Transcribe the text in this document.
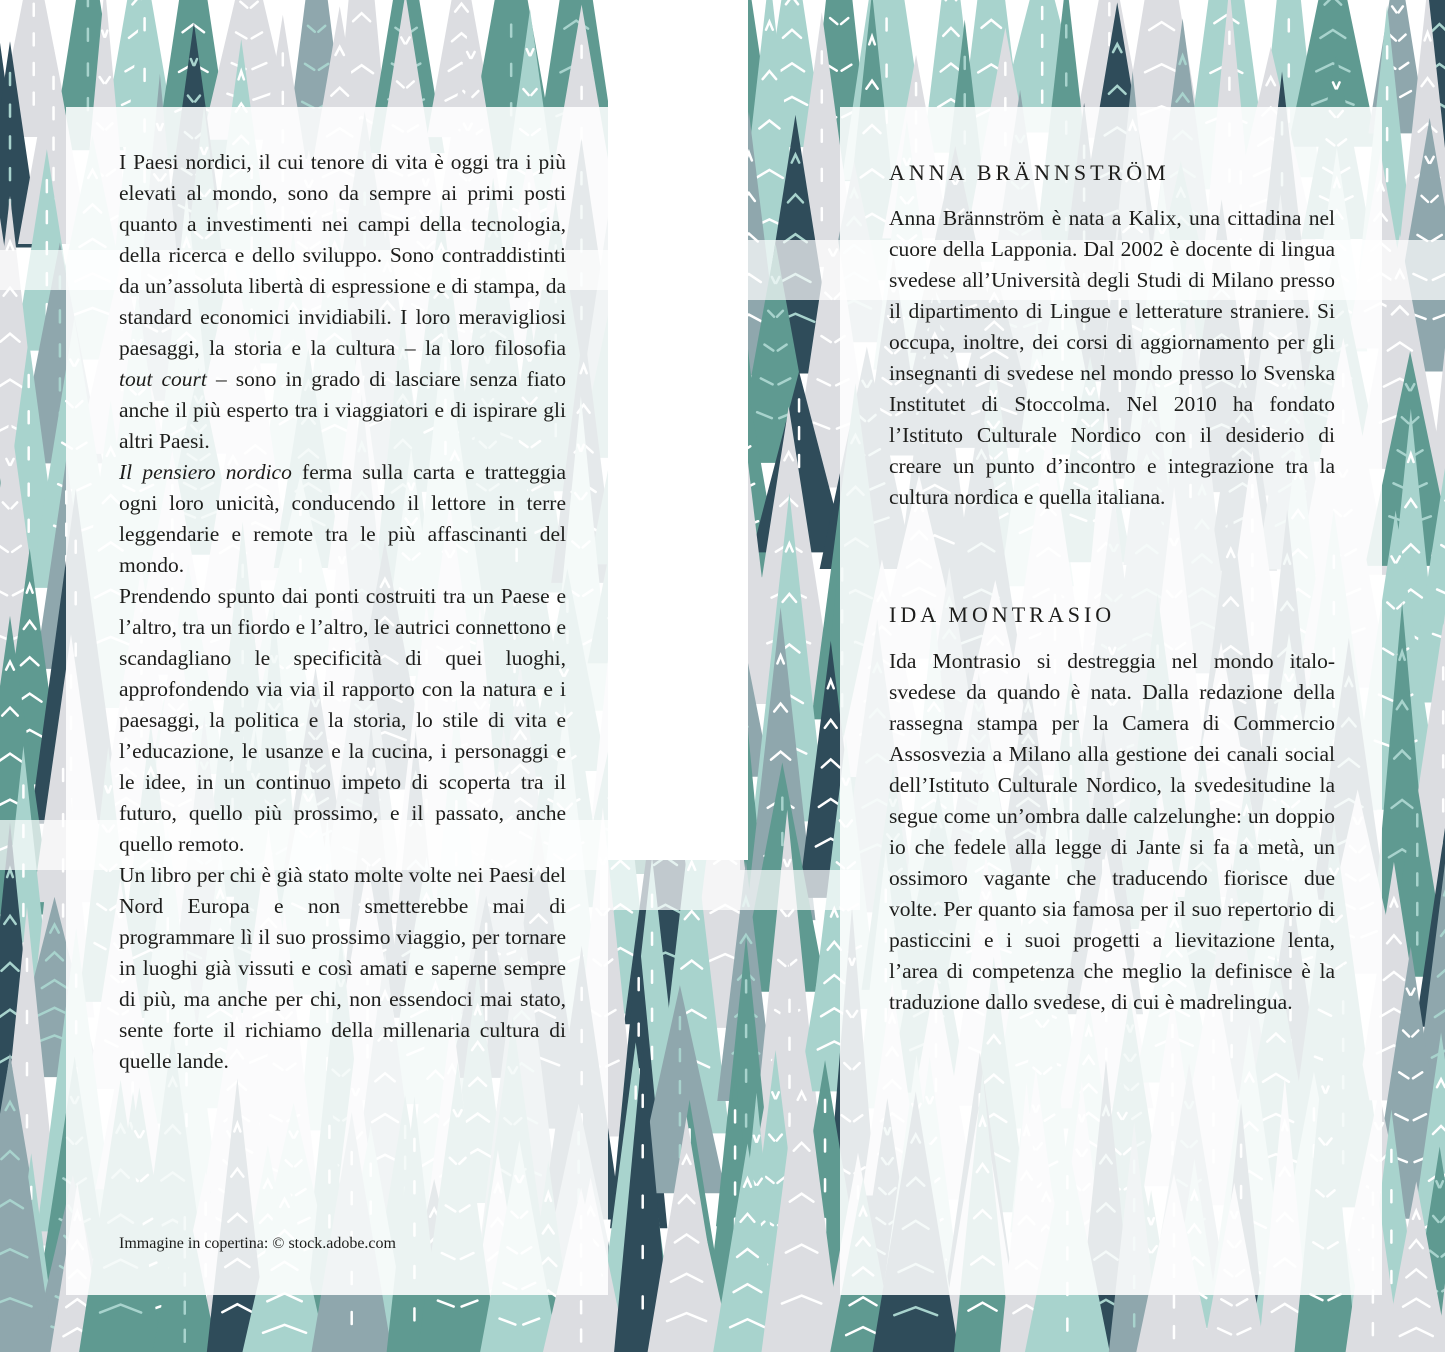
I Paesi nordici, il cui tenore di vita è oggi tra i più elevati al mondo, sono da sempre ai primi posti quanto a investimenti nei campi della tecnologia, della ricerca e dello sviluppo. Sono contraddistinti da un’assoluta libertà di espressione e di stampa, da standard economici invidiabili. I loro meravigliosi paesaggi, la storia e la cultura – la loro filosofia tout court – sono in grado di lasciare senza fiato anche il più esperto tra i viaggiatori e di ispirare gli altri Paesi.

Il pensiero nordico ferma sulla carta e tratteggia ogni loro unicità, conducendo il lettore in terre leggendarie e remote tra le più affascinanti del mondo.

Prendendo spunto dai ponti costruiti tra un Paese e l’altro, tra un fiordo e l’altro, le autrici connettono e scandagliano le specificità di quei luoghi, approfondendo via via il rapporto con la natura e i paesaggi, la politica e la storia, lo stile di vita e l’educazione, le usanze e la cucina, i personaggi e le idee, in un continuo impeto di scoperta tra il futuro, quello più prossimo, e il passato, anche quello remoto.

Un libro per chi è già stato molte volte nei Paesi del Nord Europa e non smetterebbe mai di programmare lì il suo prossimo viaggio, per tornare in luoghi già vissuti e così amati e saperne sempre di più, ma anche per chi, non essendoci mai stato, sente forte il richiamo della millenaria cultura di quelle lande.

Immagine in copertina: © stock.adobe.com
ANNA BRÄNNSTRÖM
Anna Brännström è nata a Kalix, una cittadina nel cuore della Lapponia. Dal 2002 è docente di lingua svedese all’Università degli Studi di Milano presso il dipartimento di Lingue e letterature straniere. Si occupa, inoltre, dei corsi di aggiornamento per gli insegnanti di svedese nel mondo presso lo Svenska Institutet di Stoccolma. Nel 2010 ha fondato l’Istituto Culturale Nordico con il desiderio di creare un punto d’incontro e integrazione tra la cultura nordica e quella italiana.
IDA MONTRASIO
Ida Montrasio si destreggia nel mondo italo-svedese da quando è nata. Dalla redazione della rassegna stampa per la Camera di Commercio Assosvezia a Milano alla gestione dei canali social dell’Istituto Culturale Nordico, la svedesitudine la segue come un’ombra dalle calzelunghe: un doppio io che fedele alla legge di Jante si fa a metà, un ossimoro vagante che traducendo fiorisce due volte. Per quanto sia famosa per il suo repertorio di pasticcini e i suoi progetti a lievitazione lenta, l’area di competenza che meglio la definisce è la traduzione dallo svedese, di cui è madrelingua.
